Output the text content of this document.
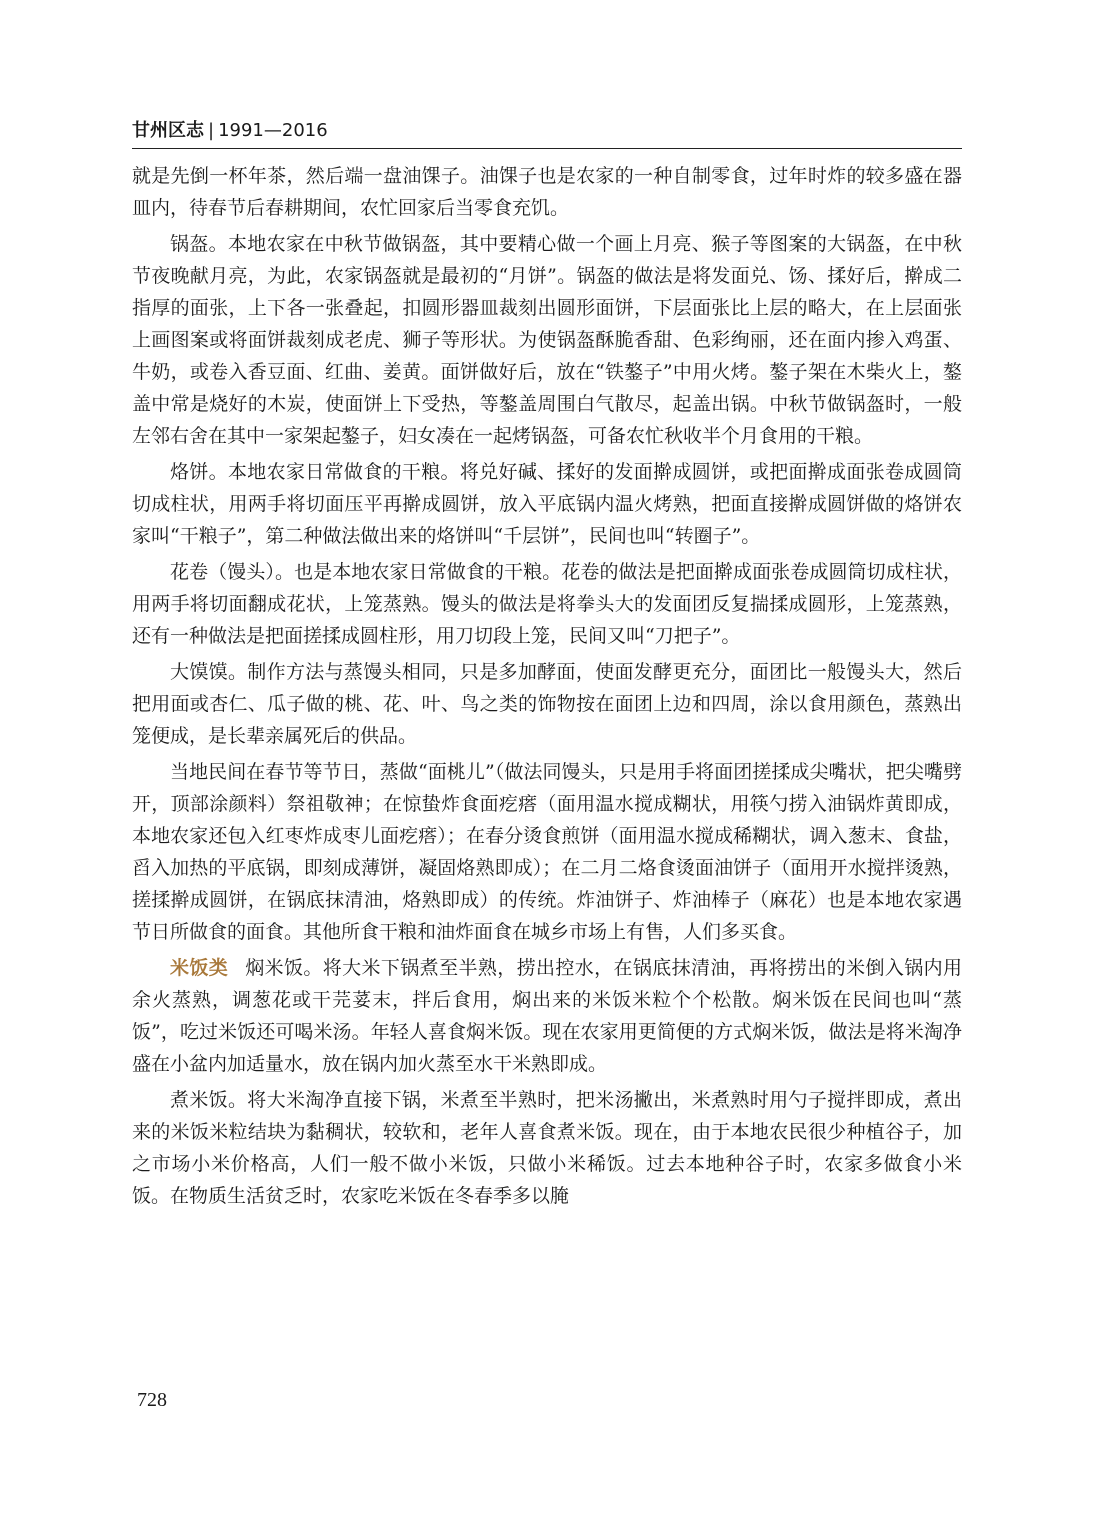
甘州区志 | 1991—2016

就是先倒一杯年茶，然后端一盘油馃子。油馃子也是农家的一种自制零食，过年时炸的较多盛在器皿内，待春节后春耕期间，农忙回家后当零食充饥。

锅盔。本地农家在中秋节做锅盔，其中要精心做一个画上月亮、猴子等图案的大锅盔，在中秋节夜晚献月亮，为此，农家锅盔就是最初的“月饼”。锅盔的做法是将发面兑、饧、揉好后，擀成二指厚的面张，上下各一张叠起，扣圆形器皿裁刻出圆形面饼，下层面张比上层的略大，在上层面张上画图案或将面饼裁刻成老虎、狮子等形状。为使锅盔酥脆香甜、色彩绚丽，还在面内掺入鸡蛋、牛奶，或卷入香豆面、红曲、姜黄。面饼做好后，放在“铁鏊子”中用火烤。鏊子架在木柴火上，鏊盖中常是烧好的木炭，使面饼上下受热，等鏊盖周围白气散尽，起盖出锅。中秋节做锅盔时，一般左邻右舍在其中一家架起鏊子，妇女凑在一起烤锅盔，可备农忙秋收半个月食用的干粮。

烙饼。本地农家日常做食的干粮。将兑好碱、揉好的发面擀成圆饼，或把面擀成面张卷成圆筒切成柱状，用两手将切面压平再擀成圆饼，放入平底锅内温火烤熟，把面直接擀成圆饼做的烙饼农家叫“干粮子”，第二种做法做出来的烙饼叫“千层饼”，民间也叫“转圈子”。

花卷（馒头）。也是本地农家日常做食的干粮。花卷的做法是把面擀成面张卷成圆筒切成柱状，用两手将切面翻成花状，上笼蒸熟。馒头的做法是将拳头大的发面团反复揣揉成圆形，上笼蒸熟，还有一种做法是把面搓揉成圆柱形，用刀切段上笼，民间又叫“刀把子”。

大馍馍。制作方法与蒸馒头相同，只是多加酵面，使面发酵更充分，面团比一般馒头大，然后把用面或杏仁、瓜子做的桃、花、叶、鸟之类的饰物按在面团上边和四周，涂以食用颜色，蒸熟出笼便成，是长辈亲属死后的供品。

当地民间在春节等节日，蒸做“面桃儿”（做法同馒头，只是用手将面团搓揉成尖嘴状，把尖嘴劈开，顶部涂颜料）祭祖敬神；在惊蛰炸食面疙瘩（面用温水搅成糊状，用筷勺捞入油锅炸黄即成，本地农家还包入红枣炸成枣儿面疙瘩）；在春分烫食煎饼（面用温水搅成稀糊状，调入葱末、食盐，舀入加热的平底锅，即刻成薄饼，凝固烙熟即成）；在二月二烙食烫面油饼子（面用开水搅拌烫熟，搓揉擀成圆饼，在锅底抹清油，烙熟即成）的传统。炸油饼子、炸油棒子（麻花）也是本地农家遇节日所做食的面食。其他所食干粮和油炸面食在城乡市场上有售，人们多买食。

米饭类 焖米饭。将大米下锅煮至半熟，捞出控水，在锅底抹清油，再将捞出的米倒入锅内用余火蒸熟，调葱花或干芫荽末，拌后食用，焖出来的米饭米粒个个松散。焖米饭在民间也叫“蒸饭”，吃过米饭还可喝米汤。年轻人喜食焖米饭。现在农家用更简便的方式焖米饭，做法是将米淘净盛在小盆内加适量水，放在锅内加火蒸至水干米熟即成。

煮米饭。将大米淘净直接下锅，米煮至半熟时，把米汤撇出，米煮熟时用勺子搅拌即成，煮出来的米饭米粒结块为黏稠状，较软和，老年人喜食煮米饭。现在，由于本地农民很少种植谷子，加之市场小米价格高，人们一般不做小米饭，只做小米稀饭。过去本地种谷子时，农家多做食小米饭。在物质生活贫乏时，农家吃米饭在冬春季多以腌

728
